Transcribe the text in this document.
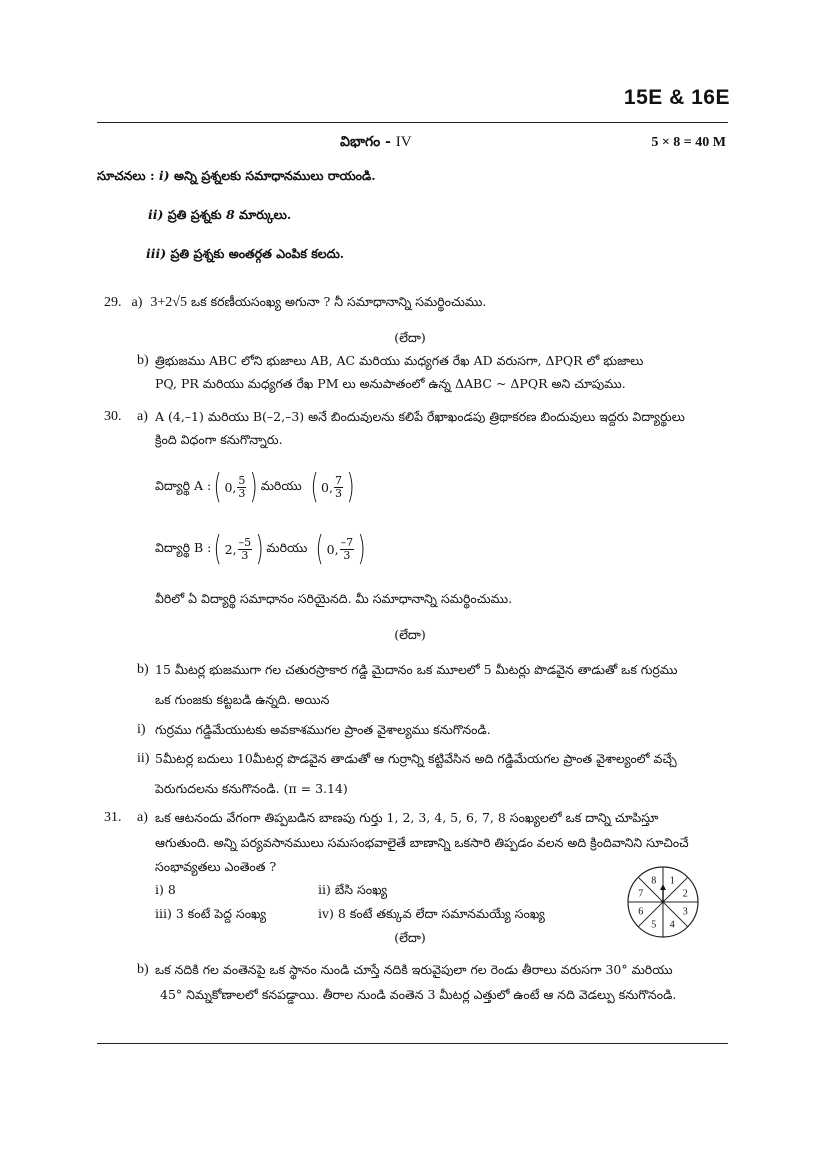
15E & 16E
విభాగం - IV	5 × 8 = 40 M
సూచనలు : i) అన్ని ప్రశ్నలకు సమాధానములు రాయండి.
ii) ప్రతి ప్రశ్నకు 8 మార్కులు.
iii) ప్రతి ప్రశ్నకు అంతర్గత ఎంపిక కలదు.
29. a) 3+2√5 ఒక కరణీయసంఖ్య అగునా ? నీ సమాధానాన్ని సమర్థించుము.
(లేదా)
b) త్రిభుజము ABC లోని భుజాలు AB, AC మరియు మధ్యగత రేఖ AD వరుసగా, ΔPQR లో భుజాలు
PQ, PR మరియు మధ్యగత రేఖ PM లు అనుపాతంలో ఉన్న ΔABC ~ ΔPQR అని చూపుము.
30. a) A (4,–1) మరియు B(–2,–3) అనే బిందువులను కలిపే రేఖాఖండపు త్రిథాకరణ బిందువులు ఇద్దరు విద్యార్థులు
క్రింది విధంగా కనుగొన్నారు.
విద్యార్థి A : ( 0, $\frac{5}{3}$ ) మరియు ( 0, $\frac{7}{3}$ )
విద్యార్థి B : ( 2, $\frac{-5}{3}$ ) మరియు ( 0, $\frac{-7}{3}$ )
వీరిలో ఏ విద్యార్థి సమాధానం సరియైనది. మీ సమాధానాన్ని సమర్థించుము.
(లేదా)
b) 15 మీటర్ల భుజముగా గల చతురస్రాకార గడ్డి మైదానం ఒక మూలలో 5 మీటర్లు పొడవైన తాడుతో ఒక గుర్రము
ఒక గుంజకు కట్టబడి ఉన్నది. అయిన
i) గుర్రము గడ్డిమేయుటకు అవకాశముగల ప్రాంత వైశాల్యము కనుగొనండి.
ii) 5మీటర్ల బదులు 10మీటర్ల పొడవైన తాడుతో ఆ గుర్రాన్ని కట్టివేసిన అది గడ్డిమేయగల ప్రాంత వైశాల్యంలో వచ్చే
పెరుగుదలను కనుగొనండి. (π = 3.14)
31. a) ఒక ఆటనందు వేగంగా తిప్పబడిన బాణపు గుర్తు 1, 2, 3, 4, 5, 6, 7, 8 సంఖ్యలలో ఒక దాన్ని చూపిస్తూ
ఆగుతుంది. అన్ని పర్యవసానములు సమసంభవాలైతే బాణాన్ని ఒకసారి తిప్పడం వలన అది క్రిందివానిని సూచించే
సంభావ్యతలు ఎంతెంత ?
i) 8	ii) బేసి సంఖ్య
iii) 3 కంటే పెద్ద సంఖ్య	iv) 8 కంటే తక్కువ లేదా సమానమయ్యే సంఖ్య
1
2
3
4
5
6
7
8
(లేదా)
b) ఒక నదికి గల వంతెనపై ఒక స్థానం నుండి చూస్తే నదికి ఇరువైపులా గల రెండు తీరాలు వరుసగా 30° మరియు
45° నిమ్నకోణాలలో కనపడ్డాయి. తీరాల నుండి వంతెన 3 మీటర్ల ఎత్తులో ఉంటే ఆ నది వెడల్పు కనుగొనండి.
